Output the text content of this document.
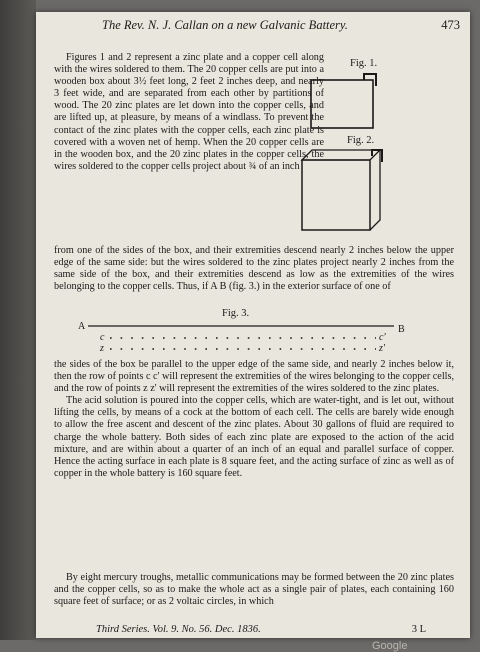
The Rev. N. J. Callan on a new Galvanic Battery.	473

Figures 1 and 2 represent a zinc plate and a copper cell along with the wires soldered to them. The 20 copper cells are put into a wooden box about 3½ feet long, 2 feet 2 inches deep, and nearly 3 feet wide, and are separated from each other by partitions of wood. The 20 zinc plates are let down into the copper cells, and are lifted up, at pleasure, by means of a windlass. To prevent the contact of the zinc plates with the copper cells, each zinc plate is covered with a woven net of hemp. When the 20 copper cells are in the wooden box, and the 20 zinc plates in the copper cells, the wires soldered to the copper cells project about ¾ of an inch

Fig. 1.
Fig. 2.

from one of the sides of the box, and their extremities descend nearly 2 inches below the upper edge of the same side: but the wires soldered to the zinc plates project nearly 2 inches from the same side of the box, and their extremities descend as low as the extremities of the wires belonging to the copper cells. Thus, if A B (fig. 3.) in the exterior surface of one of

Fig. 3.
A	B
c	c'
z	z'

the sides of the box be parallel to the upper edge of the same side, and nearly 2 inches below it, then the row of points c c' will represent the extremities of the wires belonging to the copper cells, and the row of points z z' will represent the extremities of the wires soldered to the zinc plates.
The acid solution is poured into the copper cells, which are water-tight, and is let out, without lifting the cells, by means of a cock at the bottom of each cell. The cells are barely wide enough to allow the free ascent and descent of the zinc plates. About 30 gallons of fluid are required to charge the whole battery. Both sides of each zinc plate are exposed to the action of the acid mixture, and are within about a quarter of an inch of an equal and parallel surface of copper. Hence the acting surface in each plate is 8 square feet, and the acting surface of zinc as well as of copper in the whole battery is 160 square feet.

By eight mercury troughs, metallic communications may be formed between the 20 zinc plates and the copper cells, so as to make the whole act as a single pair of plates, each containing 160 square feet of surface; or as 2 voltaic circles, in which

Third Series. Vol. 9. No. 56. Dec. 1836.	3 L
Google
